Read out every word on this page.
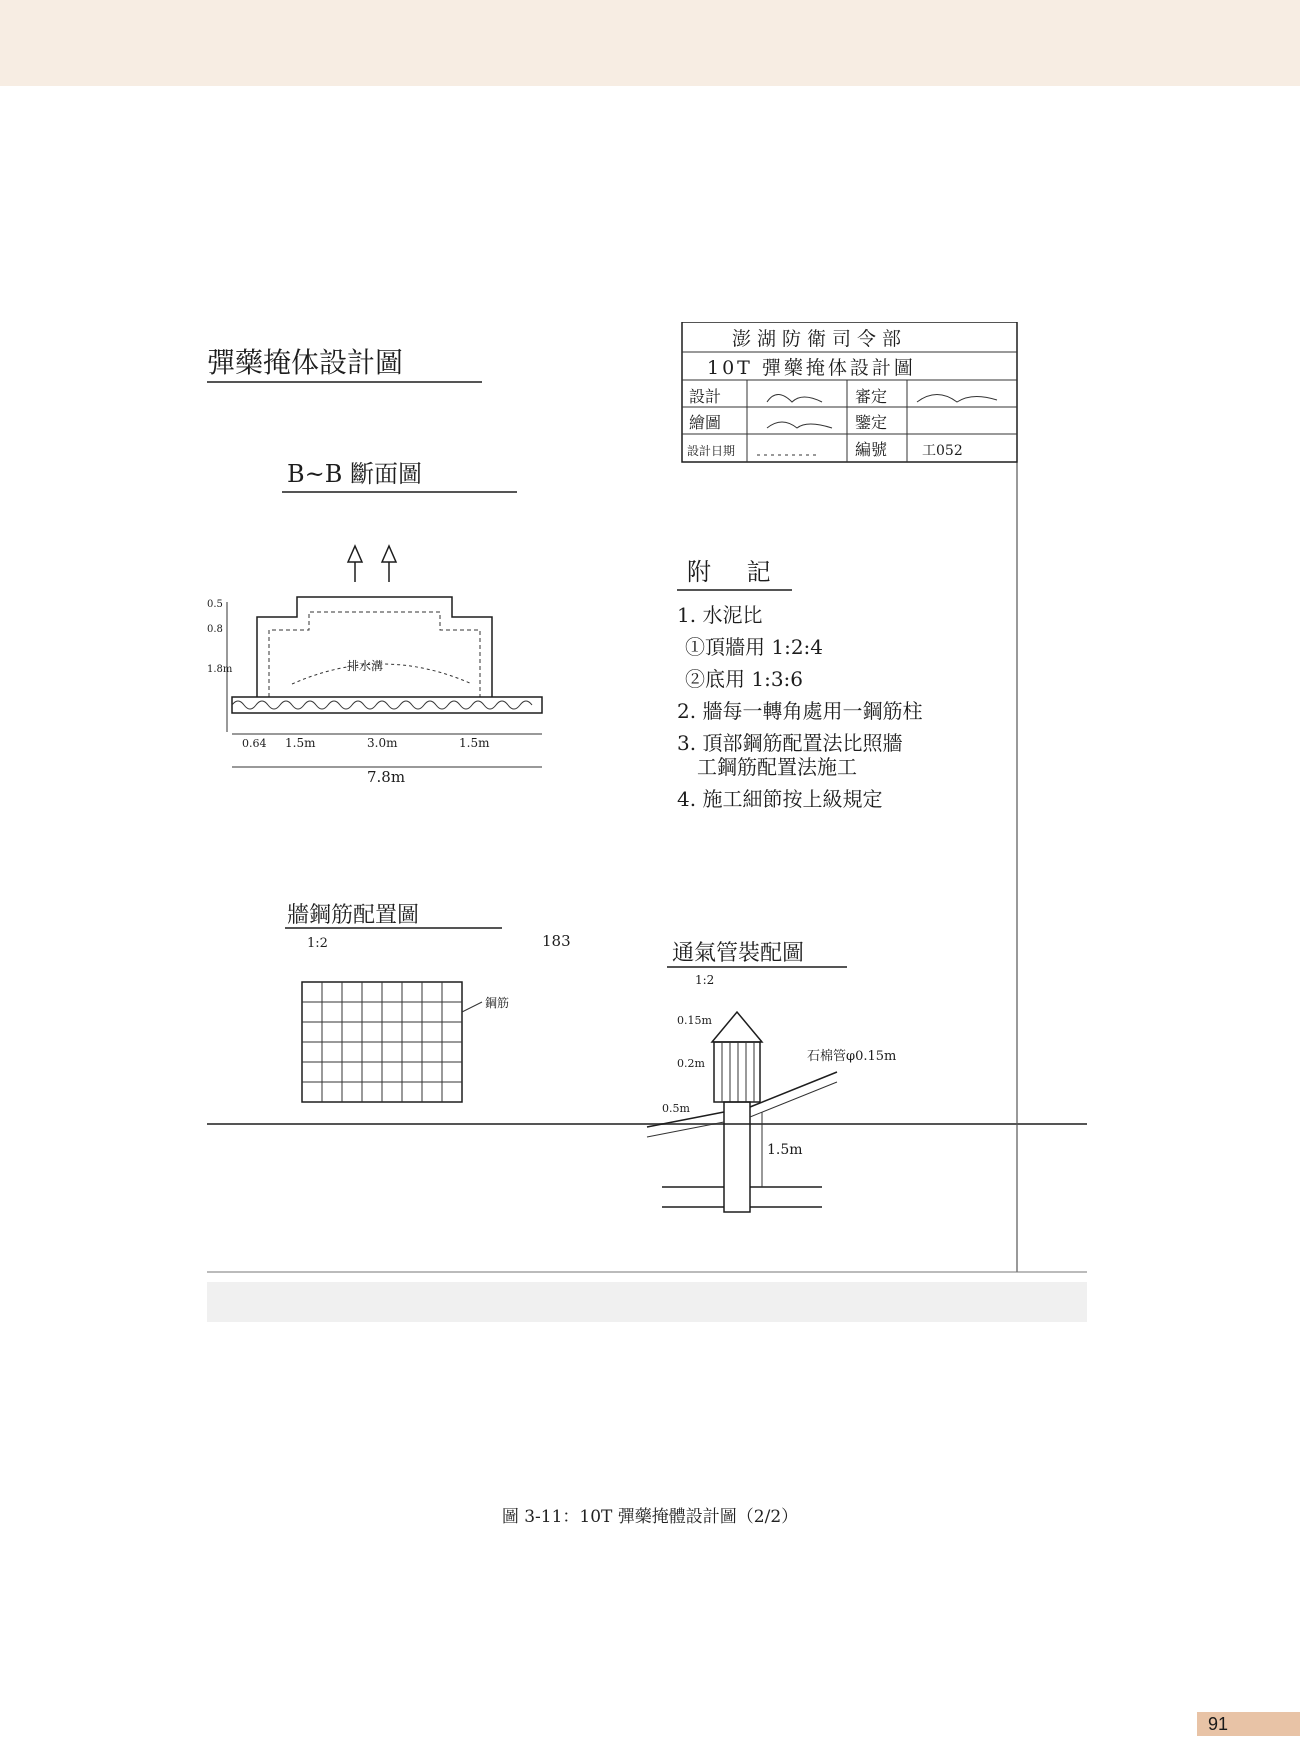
彈藥掩体設計圖
澎湖防衛司令部
10T 彈藥掩体設計圖
設計	審定
繪圖	鑒定
設計日期	編號 工052
B~B 斷面圖
排水溝
0.5
0.8
1.8m
0.64 1.5m	3.0m	1.5m
7.8m
附 記
1. 水泥比
①頂牆用 1:2:4
②底用 1:3:6
2. 牆每一轉角處用一鋼筋柱
3. 頂部鋼筋配置法比照牆
工鋼筋配置法施工
4. 施工細節按上級規定
牆鋼筋配置圖
1:2	183
鋼筋
通氣管裝配圖
1:2
0.15m
0.2m
0.5m
1.5m
石棉管φ0.15m
圖 3-11：10T 彈藥掩體設計圖（2/2）
91
